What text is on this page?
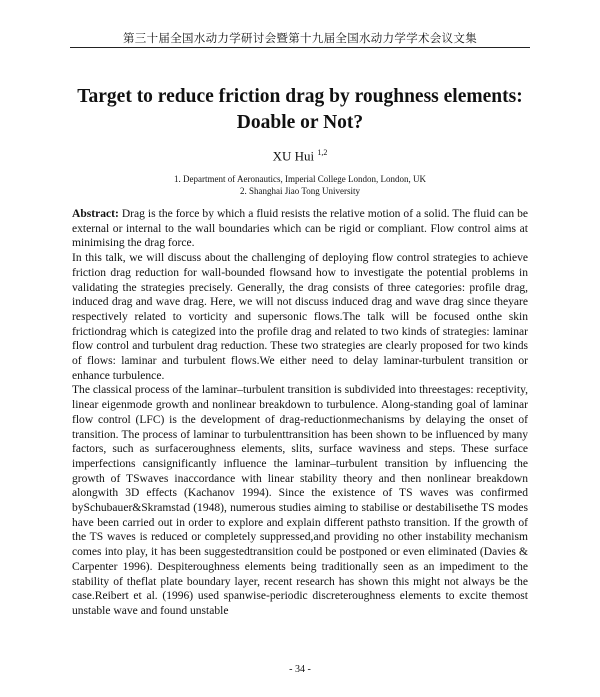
第三十届全国水动力学研讨会暨第十九届全国水动力学学术会议文集
Target to reduce friction drag by roughness elements:
Doable or Not?
XU Hui $^{1,2}$
1. Department of Aeronautics, Imperial College London, London, UK
2. Shanghai Jiao Tong University

Abstract: Drag is the force by which a fluid resists the relative motion of a solid. The fluid can be external or internal to the wall boundaries which can be rigid or compliant. Flow control aims at minimising the drag force.

In this talk, we will discuss about the challenging of deploying flow control strategies to achieve friction drag reduction for wall-bounded flowsand how to investigate the potential problems in validating the strategies precisely. Generally, the drag consists of three categories: profile drag, induced drag and wave drag. Here, we will not discuss induced drag and wave drag since theyare respectively related to vorticity and supersonic flows.The talk will be focused onthe skin frictiondrag which is categized into the profile drag and related to two kinds of strategies: laminar flow control and turbulent drag reduction. These two strategies are clearly proposed for two kinds of flows: laminar and turbulent flows.We either need to delay laminar-turbulent transition or enhance turbulence.

The classical process of the laminar–turbulent transition is subdivided into threestages: receptivity, linear eigenmode growth and nonlinear breakdown to turbulence. Along-standing goal of laminar flow control (LFC) is the development of drag-reductionmechanisms by delaying the onset of transition. The process of laminar to turbulenttransition has been shown to be influenced by many factors, such as surfaceroughness elements, slits, surface waviness and steps. These surface imperfections cansignificantly influence the laminar–turbulent transition by influencing the growth of TSwaves inaccordance with linear stability theory and then nonlinear breakdown alongwith 3D effects (Kachanov 1994). Since the existence of TS waves was confirmed bySchubauer&Skramstad (1948), numerous studies aiming to stabilise or destabilisethe TS modes have been carried out in order to explore and explain different pathsto transition. If the growth of the TS waves is reduced or completely suppressed,and providing no other instability mechanism comes into play, it has been suggestedtransition could be postponed or even eliminated (Davies & Carpenter 1996). Despiteroughness elements being traditionally seen as an impediment to the stability of theflat plate boundary layer, recent research has shown this might not always be the case.Reibert et al. (1996) used spanwise-periodic discreteroughness elements to excite themost unstable wave and found unstable

- 34 -
